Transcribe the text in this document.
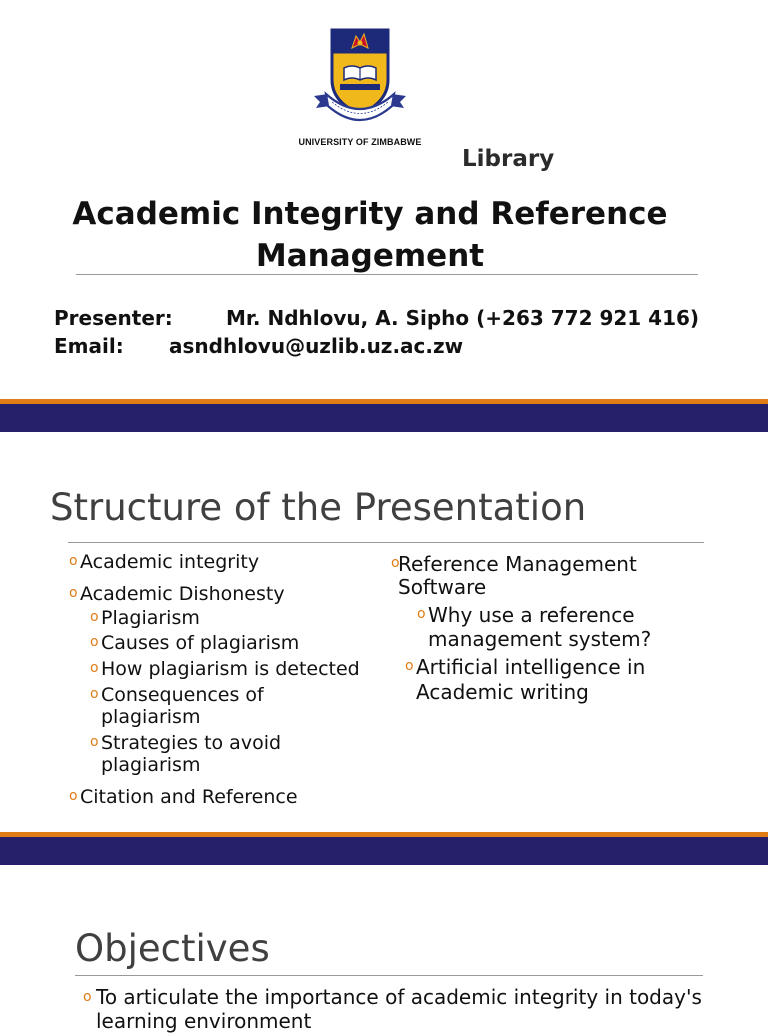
UNIVERSITY OF ZIMBABWE
Library
Academic Integrity and Reference Management
Presenter:	Mr. Ndhlovu, A. Sipho (+263 772 921 416)
Email: asndhlovu@uzlib.uz.ac.zw
Structure of the Presentation
o Academic integrity
o Academic Dishonesty
o Plagiarism
o Causes of plagiarism
o How plagiarism is detected
o Consequences of plagiarism
o Strategies to avoid plagiarism
o Citation and Reference
o
Reference Management Software
o Why use a reference management system?
o Artificial intelligence in Academic writing
Objectives
o To articulate the importance of academic integrity in today's learning environment
